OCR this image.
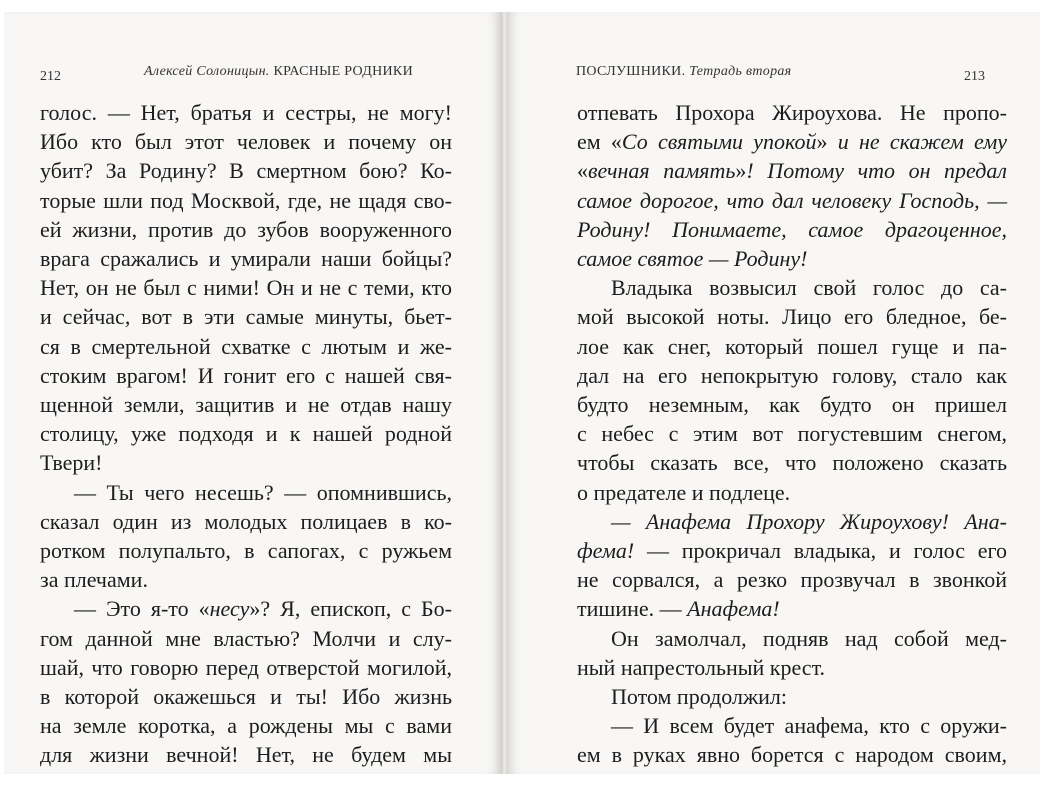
212	Алексей Солоницын. КРАСНЫЕ РОДНИКИ
голос. — Нет, братья и сестры, не могу!
Ибо кто был этот человек и почему он
убит? За Родину? В смертном бою? Ко-
торые шли под Москвой, где, не щадя сво-
ей жизни, против до зубов вооруженного
врага сражались и умирали наши бойцы?
Нет, он не был с ними! Он и не с теми, кто
и сейчас, вот в эти самые минуты, бьет-
ся в смертельной схватке с лютым и же-
стоким врагом! И гонит его с нашей свя-
щенной земли, защитив и не отдав нашу
столицу, уже подходя и к нашей родной
Твери!
— Ты чего несешь? — опомнившись,
сказал один из молодых полицаев в ко-
ротком полупальто, в сапогах, с ружьем
за плечами.
— Это я-то «несу»? Я, епископ, с Бо-
гом данной мне властью? Молчи и слу-
шай, что говорю перед отверстой могилой,
в которой окажешься и ты! Ибо жизнь
на земле коротка, а рождены мы с вами
для жизни вечной! Нет, не будем мы
ПОСЛУШНИКИ. Тетрадь вторая	213
отпевать Прохора Жироухова. Не пропо-
ем «Со святыми упокой» и не скажем ему
«вечная память»! Потому что он предал
самое дорогое, что дал человеку Господь, —
Родину! Понимаете, самое драгоценное,
самое святое — Родину!
Владыка возвысил свой голос до са-
мой высокой ноты. Лицо его бледное, бе-
лое как снег, который пошел гуще и па-
дал на его непокрытую голову, стало как
будто неземным, как будто он пришел
с небес с этим вот погустевшим снегом,
чтобы сказать все, что положено сказать
о предателе и подлеце.
— Анафема Прохору Жироухову! Ана-
фема! — прокричал владыка, и голос его
не сорвался, а резко прозвучал в звонкой
тишине. — Анафема!
Он замолчал, подняв над собой мед-
ный напрестольный крест.
Потом продолжил:
— И всем будет анафема, кто с оружи-
ем в руках явно борется с народом своим,
